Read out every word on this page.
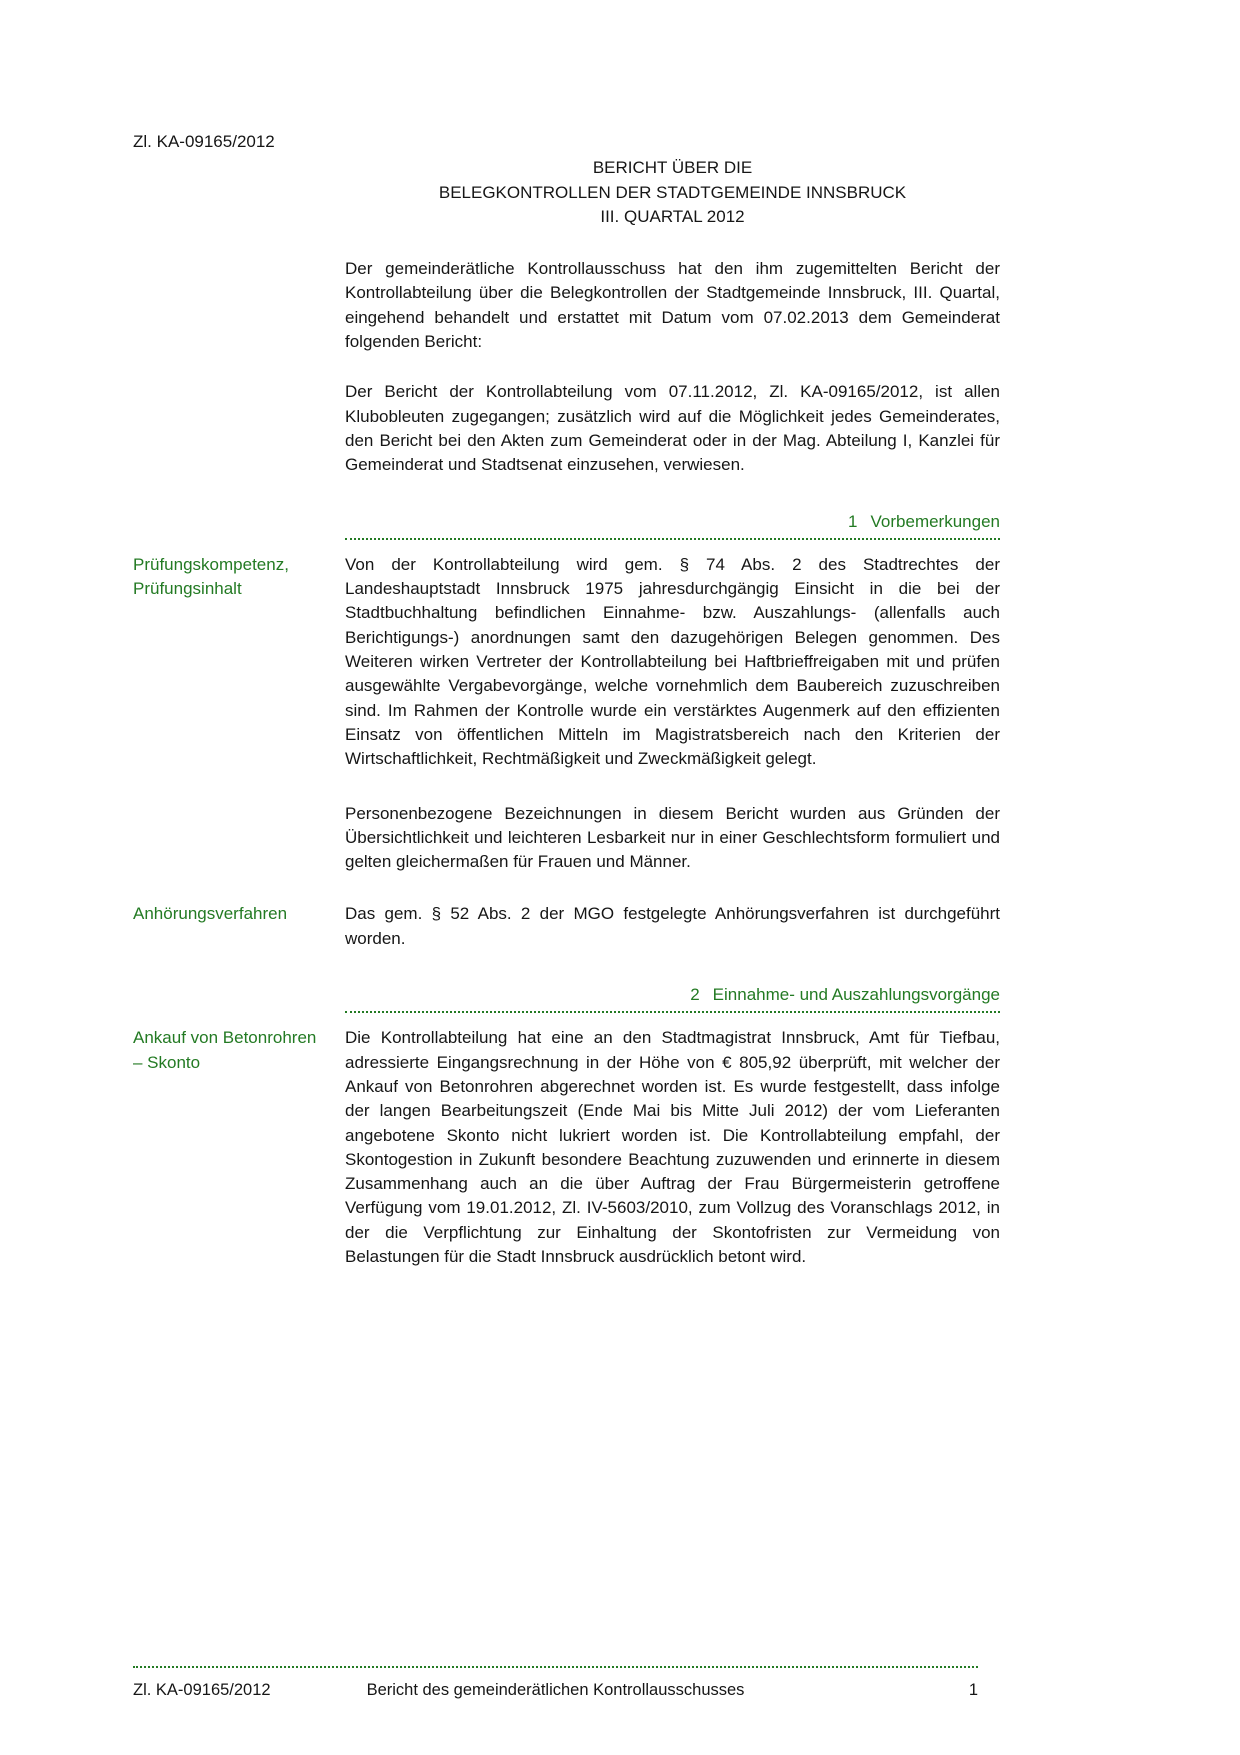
Zl. KA-09165/2012
BERICHT ÜBER DIE
BELEGKONTROLLEN DER STADTGEMEINDE INNSBRUCK
III. QUARTAL 2012

Der gemeinderätliche Kontrollausschuss hat den ihm zugemittelten Bericht der Kontrollabteilung über die Belegkontrollen der Stadtgemeinde Innsbruck, III. Quartal, eingehend behandelt und erstattet mit Datum vom 07.02.2013 dem Gemeinderat folgenden Bericht:

Der Bericht der Kontrollabteilung vom 07.11.2012, Zl. KA-09165/2012, ist allen Klubobleuten zugegangen; zusätzlich wird auf die Möglichkeit jedes Gemeinderates, den Bericht bei den Akten zum Gemeinderat oder in der Mag. Abteilung I, Kanzlei für Gemeinderat und Stadtsenat einzusehen, verwiesen.

1 Vorbemerkungen
Prüfungskompetenz, Prüfungsinhalt

Von der Kontrollabteilung wird gem. § 74 Abs. 2 des Stadtrechtes der Landeshauptstadt Innsbruck 1975 jahresdurchgängig Einsicht in die bei der Stadtbuchhaltung befindlichen Einnahme- bzw. Auszahlungs- (allenfalls auch Berichtigungs-) anordnungen samt den dazugehörigen Belegen genommen. Des Weiteren wirken Vertreter der Kontrollabteilung bei Haftbrieffreigaben mit und prüfen ausgewählte Vergabevorgänge, welche vornehmlich dem Baubereich zuzuschreiben sind. Im Rahmen der Kontrolle wurde ein verstärktes Augenmerk auf den effizienten Einsatz von öffentlichen Mitteln im Magistratsbereich nach den Kriterien der Wirtschaftlichkeit, Rechtmäßigkeit und Zweckmäßigkeit gelegt.

Personenbezogene Bezeichnungen in diesem Bericht wurden aus Gründen der Übersichtlichkeit und leichteren Lesbarkeit nur in einer Geschlechtsform formuliert und gelten gleichermaßen für Frauen und Männer.

Anhörungsverfahren	Das gem. § 52 Abs. 2 der MGO festgelegte Anhörungsverfahren ist durchgeführt worden.

2 Einnahme- und Auszahlungsvorgänge
Ankauf von Betonrohren – Skonto

Die Kontrollabteilung hat eine an den Stadtmagistrat Innsbruck, Amt für Tiefbau, adressierte Eingangsrechnung in der Höhe von € 805,92 überprüft, mit welcher der Ankauf von Betonrohren abgerechnet worden ist. Es wurde festgestellt, dass infolge der langen Bearbeitungszeit (Ende Mai bis Mitte Juli 2012) der vom Lieferanten angebotene Skonto nicht lukriert worden ist. Die Kontrollabteilung empfahl, der Skontogestion in Zukunft besondere Beachtung zuzuwenden und erinnerte in diesem Zusammenhang auch an die über Auftrag der Frau Bürgermeisterin getroffene Verfügung vom 19.01.2012, Zl. IV-5603/2010, zum Vollzug des Voranschlags 2012, in der die Verpflichtung zur Einhaltung der Skontofristen zur Vermeidung von Belastungen für die Stadt Innsbruck ausdrücklich betont wird.

Zl. KA-09165/2012	Bericht des gemeinderätlichen Kontrollausschusses	1
